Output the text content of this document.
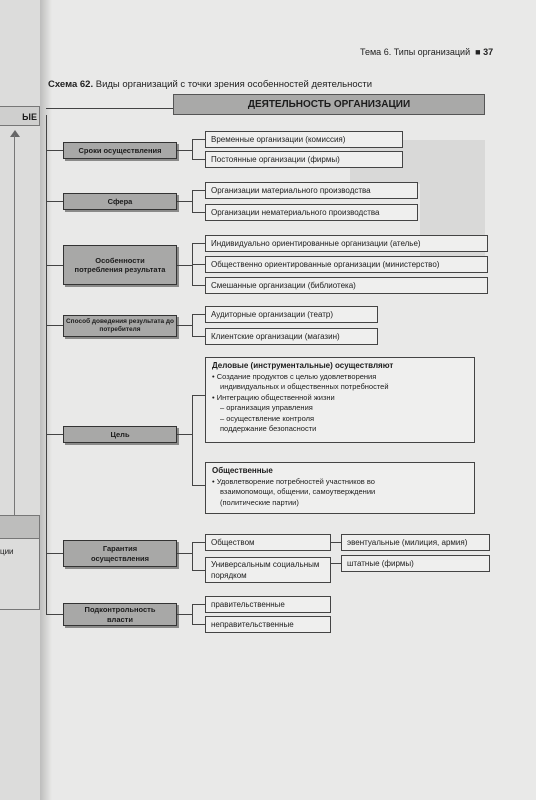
ЫЕ
ции
Тема 6. Типы организаций  ■ 37
Схема 62. Виды организаций с точки зрения особенностей деятельности
ДЕЯТЕЛЬНОСТЬ ОРГАНИЗАЦИИ
Сроки осуществления
Временные организации (комиссия)
Постоянные организации (фирмы)
Сфера
Организации материального производства
Организации нематериального производства
Особенности потребления результата
Индивидуально ориентированные организации (ателье)
Общественно ориентированные организации (министерство)
Смешанные организации (библиотека)
Способ доведения результата до потребителя
Аудиторные организации (театр)
Клиентские организации (магазин)
Цель
Деловые (инструментальные) осуществляют
• Создание продуктов с целью удовлетворения
индивидуальных и общественных потребностей
• Интеграцию общественной жизни
– организация управления
– осуществление контроля
поддержание безопасности
Общественные
• Удовлетворение потребностей участников во
взаимопомощи, общении, самоутверждении
(политические партии)
Гарантия осуществления
Обществом
Универсальным социальным порядком
эвентуальные (милиция, армия)
штатные (фирмы)
Подконтрольность власти
правительственные
неправительственные
